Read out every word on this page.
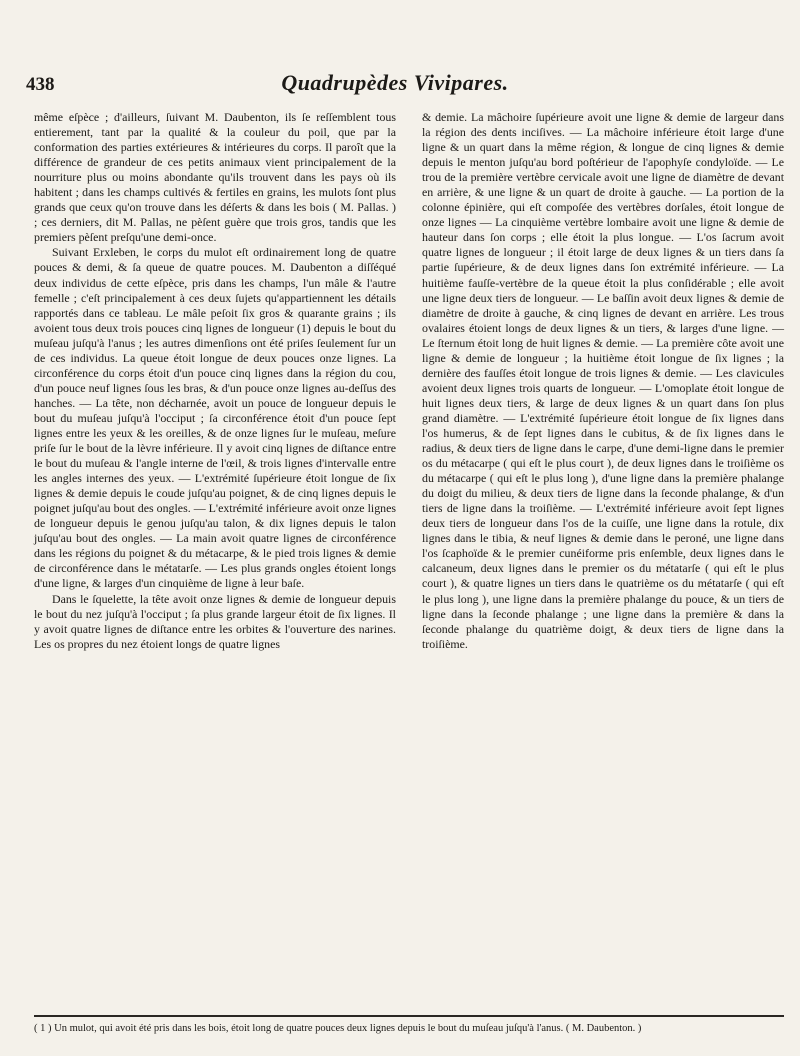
438	Quadrupèdes Vivipares.

même eſpèce ; d'ailleurs, ſuivant M. Daubenton, ils ſe reſſemblent tous entierement, tant par la qualité & la couleur du poil, que par la conformation des parties extérieures & intérieures du corps. Il paroît que la différence de grandeur de ces petits animaux vient principalement de la nourriture plus ou moins abondante qu'ils trouvent dans les pays où ils habitent ; dans les champs cultivés & fertiles en grains, les mulots ſont plus grands que ceux qu'on trouve dans les déſerts & dans les bois ( M. Pallas. ) ; ces derniers, dit M. Pallas, ne pèſent guère que trois gros, tandis que les premiers pèſent preſqu'une demi-once.

Suivant Erxleben, le corps du mulot eſt ordinairement long de quatre pouces & demi, & ſa queue de quatre pouces. M. Daubenton a diſſéqué deux individus de cette eſpèce, pris dans les champs, l'un mâle & l'autre femelle ; c'eſt principalement à ces deux ſujets qu'appartiennent les détails rapportés dans ce tableau. Le mâle peſoit ſix gros & quarante grains ; ils avoient tous deux trois pouces cinq lignes de longueur (1) depuis le bout du muſeau juſqu'à l'anus ; les autres dimenſions ont été priſes ſeulement ſur un de ces individus. La queue étoit longue de deux pouces onze lignes. La circonférence du corps étoit d'un pouce cinq lignes dans la région du cou, d'un pouce neuf lignes ſous les bras, & d'un pouce onze lignes au-deſſus des hanches. — La tête, non décharnée, avoit un pouce de longueur depuis le bout du muſeau juſqu'à l'occiput ; ſa circonférence étoit d'un pouce ſept lignes entre les yeux & les oreilles, & de onze lignes ſur le muſeau, meſure priſe ſur le bout de la lèvre inférieure. Il y avoit cinq lignes de diſtance entre le bout du muſeau & l'angle interne de l'œil, & trois lignes d'intervalle entre les angles internes des yeux. — L'extrémité ſupérieure étoit longue de ſix lignes & demie depuis le coude juſqu'au poignet, & de cinq lignes depuis le poignet juſqu'au bout des ongles. — L'extrémité inférieure avoit onze lignes de longueur depuis le genou juſqu'au talon, & dix lignes depuis le talon juſqu'au bout des ongles. — La main avoit quatre lignes de circonférence dans les régions du poignet & du métacarpe, & le pied trois lignes & demie de circonférence dans le métatarſe. — Les plus grands ongles étoient longs d'une ligne, & larges d'un cinquième de ligne à leur baſe.

Dans le ſquelette, la tête avoit onze lignes & demie de longueur depuis le bout du nez juſqu'à l'occiput ; ſa plus grande largeur étoit de ſix lignes. Il y avoit quatre lignes de diſtance entre les orbites & l'ouverture des narines. Les os propres du nez étoient longs de quatre lignes

& demie. La mâchoire ſupérieure avoit une ligne & demie de largeur dans la région des dents inciſives. — La mâchoire inférieure étoit large d'une ligne & un quart dans la même région, & longue de cinq lignes & demie depuis le menton juſqu'au bord poſtérieur de l'apophyſe condyloïde. — Le trou de la première vertèbre cervicale avoit une ligne de diamètre de devant en arrière, & une ligne & un quart de droite à gauche. — La portion de la colonne épinière, qui eſt compoſée des vertèbres dorſales, étoit longue de onze lignes — La cinquième vertèbre lombaire avoit une ligne & demie de hauteur dans ſon corps ; elle étoit la plus longue. — L'os ſacrum avoit quatre lignes de longueur ; il étoit large de deux lignes & un tiers dans ſa partie ſupérieure, & de deux lignes dans ſon extrémité inférieure. — La huitième fauſſe-vertèbre de la queue étoit la plus conſidérable ; elle avoit une ligne deux tiers de longueur. — Le baſſin avoit deux lignes & demie de diamètre de droite à gauche, & cinq lignes de devant en arrière. Les trous ovalaires étoient longs de deux lignes & un tiers, & larges d'une ligne. — Le ſternum étoit long de huit lignes & demie. — La première côte avoit une ligne & demie de longueur ; la huitième étoit longue de ſix lignes ; la dernière des fauſſes étoit longue de trois lignes & demie. — Les clavicules avoient deux lignes trois quarts de longueur. — L'omoplate étoit longue de huit lignes deux tiers, & large de deux lignes & un quart dans ſon plus grand diamètre. — L'extrémité ſupérieure étoit longue de ſix lignes dans l'os humerus, & de ſept lignes dans le cubitus, & de ſix lignes dans le radius, & deux tiers de ligne dans le carpe, d'une demi-ligne dans le premier os du métacarpe ( qui eſt le plus court ), de deux lignes dans le troiſième os du métacarpe ( qui eſt le plus long ), d'une ligne dans la première phalange du doigt du milieu, & deux tiers de ligne dans la ſeconde phalange, & d'un tiers de ligne dans la troiſième. — L'extrémité inférieure avoit ſept lignes deux tiers de longueur dans l'os de la cuiſſe, une ligne dans la rotule, dix lignes dans le tibia, & neuf lignes & demie dans le peroné, une ligne dans l'os ſcaphoïde & le premier cunéiforme pris enſemble, deux lignes dans le calcaneum, deux lignes dans le premier os du métatarſe ( qui eſt le plus court ), & quatre lignes un tiers dans le quatrième os du métatarſe ( qui eſt le plus long ), une ligne dans la première phalange du pouce, & un tiers de ligne dans la ſeconde phalange ; une ligne dans la première & dans la ſeconde phalange du quatrième doigt, & deux tiers de ligne dans la troiſième.

( 1 ) Un mulot, qui avoit été pris dans les bois, étoit long de quatre pouces deux lignes depuis le bout du muſeau juſqu'à l'anus. ( M. Daubenton. )
